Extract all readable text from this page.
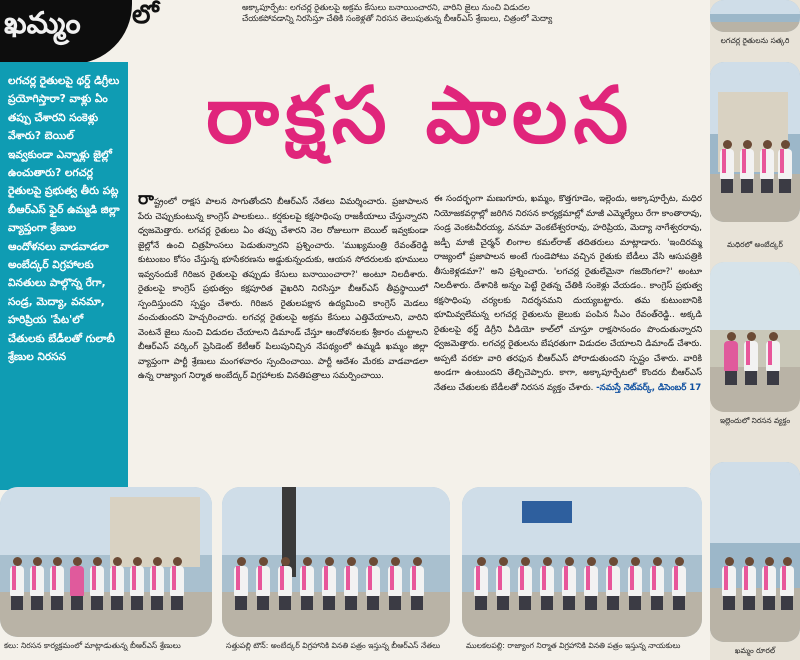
ఖమ్మం లో	అక్కాపూర్పేట: లగచర్ల రైతులపై అక్రమ కేసులు బనాయించారని, వారిని జైలు నుంచి విడుదల

చేయకపోవడాన్ని నిరసిస్తూ చేతికి సంకెళ్లతో నిరసన తెలుపుతున్న బీఆర్ఎస్ శ్రేణులు, చిత్రంలో మెద్యా

రాక్షస పాలన

లగచర్ల రైతులపై థర్డ్ డిగ్రీలు ప్రయోగిస్తారా? వాళ్లు ఏం తప్పు చేశారని సంకెళ్లు వేశారు? బెయిల్ ఇవ్వకుండా ఎన్నాళ్లు జైల్లో ఉంచుతారు? లగచర్ల రైతులపై ప్రభుత్వ తీరు పట్ల బీఆర్ఎస్ ఫైర్ ఉమ్మడి జిల్లా వ్యాప్తంగా శ్రేణుల ఆందోళనలు వాడవాడలా అంబేద్కర్ విగ్రహాలకు వినతులు పాల్గొన్న రేగా, సండ్ర, మెద్యా, వనమా, హరిప్రియ 'పేట'లో చేతులకు బేడీలతో గులాబీ శ్రేణుల నిరసన

రాష్ట్రంలో రాక్షస పాలన సాగుతోందని బీఆర్ఎస్ నేతలు విమర్శించారు. ప్రజాపాలన పేరు చెప్పుకుంటున్న కాంగ్రెస్ పాలకులు.. కర్షకులపై కక్షసాధింపు రాజకీయాలు చేస్తున్నారని ధ్వజమెత్తారు. లగచర్ల రైతులు ఏం తప్పు చేశారని నెల రోజులుగా బెయిల్ ఇవ్వకుండా జైల్లోనే ఉంచి చిత్రహింసలు పెడుతున్నారని ప్రశ్నించారు. 'ముఖ్యమంత్రి రేవంత్‌రెడ్డి కుటుంబం కోసం చేస్తున్న భూసేకరణను అడ్డుకున్నందుకు, ఆయన సోదరులకు భూములు ఇవ్వనందుకే గిరిజన రైతులపై తప్పుడు కేసులు బనాయించారా?' అంటూ నిలదీశారు. రైతులపై కాంగ్రెస్ ప్రభుత్వం కక్షపూరిత వైఖరిని నిరసిస్తూ బీఆర్ఎస్ తీవ్రస్థాయిలో స్పందిస్తుందని స్పష్టం చేశారు. గిరిజన రైతులపక్షాన ఉద్యమించి కాంగ్రెస్ మెడలు వంచుతుందని హెచ్చరించారు. లగచర్ల రైతులపై అక్రమ కేసులు ఎత్తివేయాలని, వారిని వెంటనే జైలు నుంచి విడుదల చేయాలని డిమాండ్ చేస్తూ ఆందోళనలకు శ్రీకారం చుట్టాలని బీఆర్ఎస్ వర్కింగ్ ప్రెసిడెంట్ కేటీఆర్ పిలుపునిచ్చిన నేపథ్యంలో ఉమ్మడి ఖమ్మం జిల్లా వ్యాప్తంగా పార్టీ శ్రేణులు మంగళవారం స్పందించాయి. పార్టీ ఆదేశం మేరకు వాడవాడలా ఉన్న రాజ్యాంగ నిర్మాత అంబేద్కర్ విగ్రహాలకు వినతిపత్రాలు సమర్పించాయి.

ఈ సందర్భంగా మణుగూరు, ఖమ్మం, కొత్తగూడెం, ఇల్లెందు, అక్కాపూర్పేట, మధిర నియోజకవర్గాల్లో జరిగిన నిరసన కార్యక్రమాల్లో మాజీ ఎమ్మెల్యేలు రేగా కాంతారావు, సండ్ర వెంకటవీరయ్య, వనమా వెంకటేశ్వరరావు, హరిప్రియ, మెద్యా నాగేశ్వరరావు, జడ్పీ మాజీ చైర్మన్ లింగాల కమల్‌రాజ్ తదితరులు మాట్లాడారు. 'ఇందిరమ్మ రాజ్యంలో ప్రజాపాలన అంటే గుండెపోటు వచ్చిన రైతుకు బేడీలు వేసి ఆసుపత్రికి తీసుకెళ్లడమా?' అని ప్రశ్నించారు. 'లగచర్ల రైతులేమైనా గజదొంగలా?' అంటూ నిలదీశారు. దేశానికి అన్నం పెట్టే రైతన్న చేతికి సంకెళ్లు వేయడం.. కాంగ్రెస్ ప్రభుత్వ కక్షసాధింపు చర్యలకు నిదర్శనమని దుయ్యబట్టారు. తమ కుటుంబానికి భూమివ్వలేమన్న లగచర్ల రైతులను జైలుకు పంపిన సీఎం రేవంత్‌రెడ్డి.. అక్కడి రైతులపై థర్డ్ డిగ్రీని వీడియో కాల్‌లో చూస్తూ రాక్షసానందం పొందుతున్నారని ధ్వజమెత్తారు. లగచర్ల రైతులను బేషరతుగా విడుదల చేయాలని డిమాండ్ చేశారు. అప్పటి వరకూ వారి తరఫున బీఆర్ఎస్ పోరాడుతుందని స్పష్టం చేశారు. వారికి అండగా ఉంటుందని తేల్చిచెప్పారు. కాగా, అక్కాపూర్పేటలో కొందరు బీఆర్ఎస్ నేతలు చేతులకు బేడీలతో నిరసన వ్యక్తం చేశారు. -నమస్తే నెట్‌వర్క్, డిసెంబర్ 17

లగచర్ల రైతులను సత్కరి
మధిరలో అంబేద్కర్
ఇల్లెందులో నిరసన వ్యక్తం
ఖమ్మం రూరల్
కలు: నిరసన కార్యక్రమంలో మాట్లాడుతున్న బీఆర్ఎస్ శ్రేణులు	సత్తుపల్లి టౌన్: అంబేద్కర్ విగ్రహానికి వినతి పత్రం ఇస్తున్న బీఆర్ఎస్ నేతలు	ములకలపల్లి: రాజ్యాంగ నిర్మాత విగ్రహానికి వినతి పత్రం ఇస్తున్న నాయకులు
